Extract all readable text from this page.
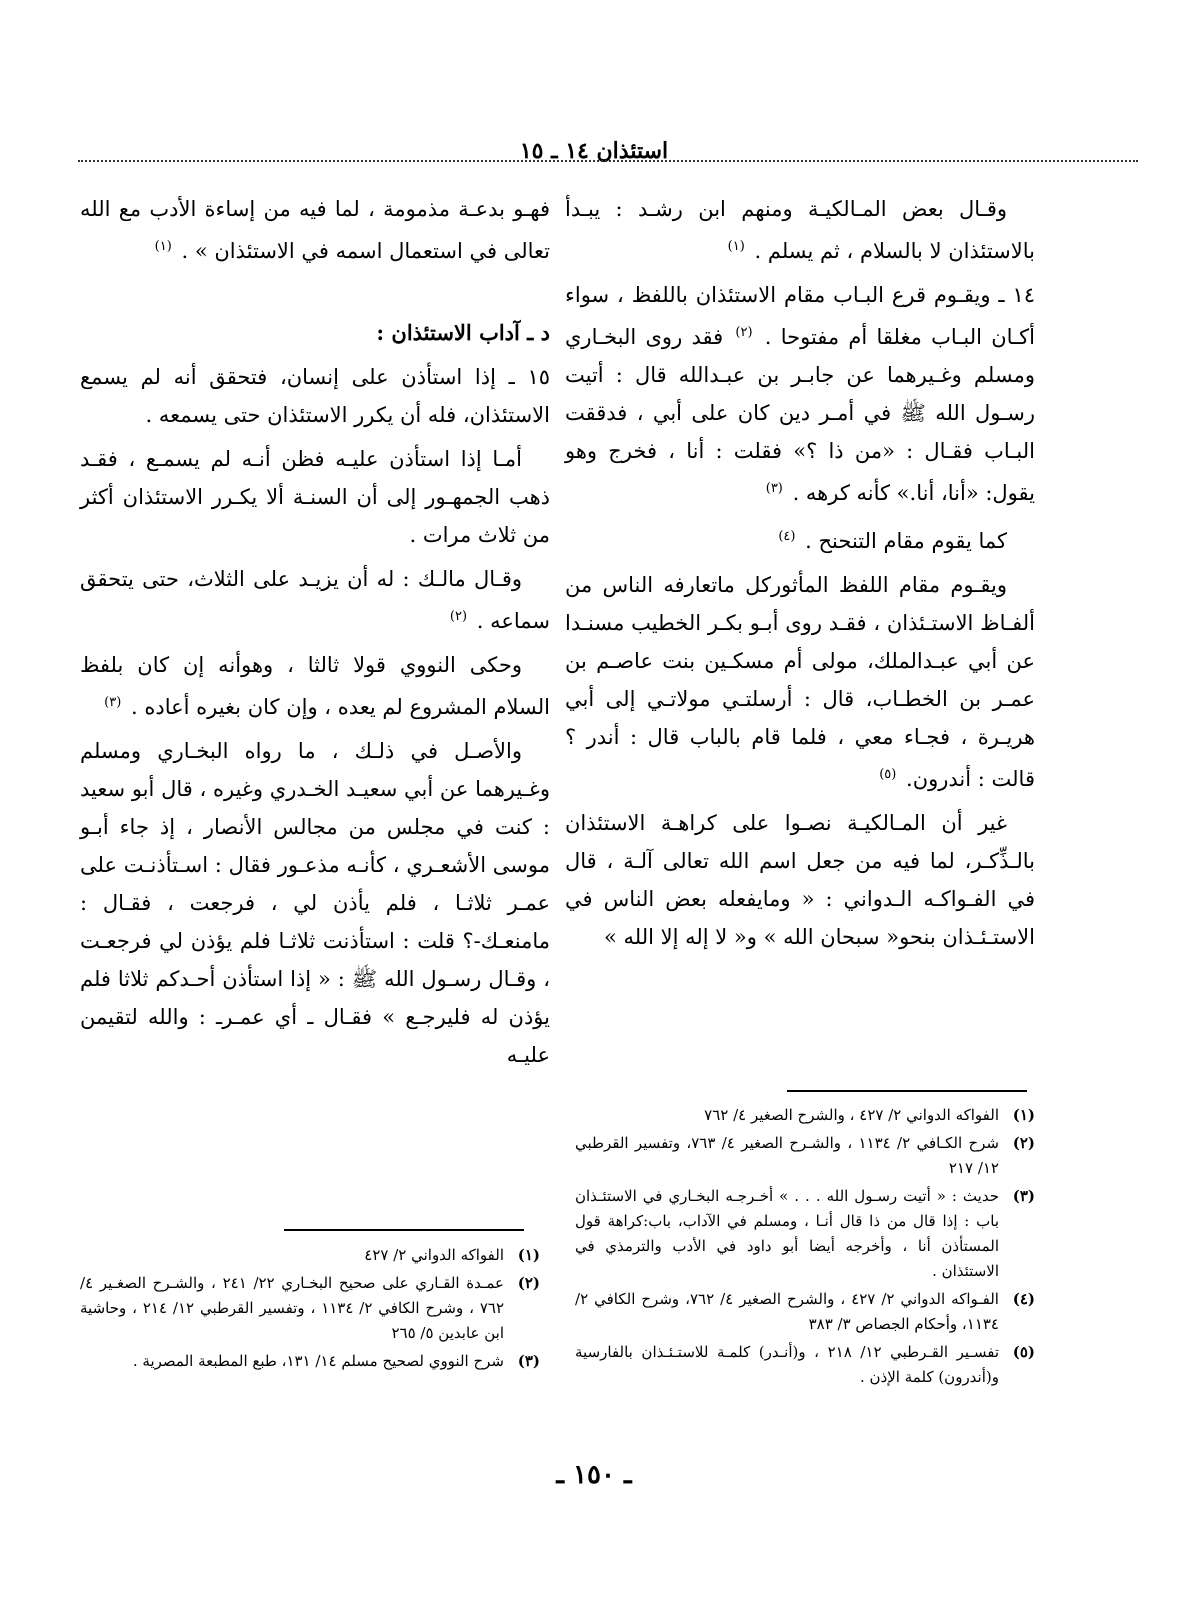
استئذان ١٤ ـ ١٥

وقـال بعض المـالكيـة ومنهم ابن رشـد : يبـدأ بالاستئذان لا بالسلام ، ثم يسلم . $^{(١)}$

١٤ ـ ويقـوم قرع البـاب مقام الاستئذان باللفظ ، سواء أكـان البـاب مغلقا أم مفتوحا . $^{(٢)}$ فقد روى البخـاري ومسلم وغـيرهما عن جابـر بن عبـدالله قال : أتيت رسـول الله ﷺ في أمـر دين كان على أبي ، فدققت البـاب فقـال : «من ذا ؟» فقلت : أنا ، فخرج وهو يقول: «أنا، أنا.» كأنه كرهه . $^{(٣)}$

كما يقوم مقام التنحنح . $^{(٤)}$

ويقـوم مقام اللفظ المأثوركل ماتعارفه الناس من ألفـاظ الاستـئذان ، فقـد روى أبـو بكـر الخطيب مسنـدا عن أبي عبـدالملك، مولى أم مسكـين بنت عاصـم بن عمـر بن الخطـاب، قال : أرسلتـي مولاتـي إلى أبي هريـرة ، فجـاء معي ، فلما قام بالباب قال : أندر ؟ قالت : أندرون. $^{(٥)}$

غير أن المـالكيـة نصـوا على كراهـة الاستئذان بالـذِّكـر، لما فيه من جعل اسم الله تعالى آلـة ، قال في الفـواكـه الـدواني : « ومايفعله بعض الناس في الاستـئـذان بنحو« سبحان الله » و« لا إله إلا الله »

فهـو بدعـة مذمومة ، لما فيه من إساءة الأدب مع الله تعالى في استعمال اسمه في الاستئذان » . $^{(١)}$

د ـ آداب الاستئذان :

١٥ ـ إذا استأذن على إنسان، فتحقق أنه لم يسمع الاستئذان، فله أن يكرر الاستئذان حتى يسمعه .

أمـا إذا استأذن عليـه فظن أنـه لم يسمـع ، فقـد ذهب الجمهـور إلى أن السنـة ألا يكـرر الاستئذان أكثر من ثلاث مرات .

وقـال مالـك : له أن يزيـد على الثلاث، حتى يتحقق سماعه . $^{(٢)}$

وحكى النووي قولا ثالثا ، وهوأنه إن كان بلفظ السلام المشروع لم يعده ، وإن كان بغيره أعاده . $^{(٣)}$

والأصـل في ذلـك ، ما رواه البخـاري ومسلم وغـيرهما عن أبي سعيـد الخـدري وغيره ، قال أبو سعيد : كنت في مجلس من مجالس الأنصار ، إذ جاء أبـو موسى الأشعـري ، كأنـه مذعـور فقال : اسـتأذنـت على عمـر ثلاثـا ، فلم يأذن لي ، فرجعت ، فقـال : مامنعـك-؟ قلت : استأذنت ثلاثـا فلم يؤذن لي فرجعـت ، وقـال رسـول الله ﷺ : « إذا استأذن أحـدكم ثلاثا فلم يؤذن له فليرجـع » فقـال ـ أي عمـرـ : والله لتقيمن عليـه

(١)
الفواكه الدواني ٢/ ٤٢٧ ، والشرح الصغير ٤/ ٧٦٢
(٢)
شرح الكـافي ٢/ ١١٣٤ ، والشـرح الصغير ٤/ ٧٦٣، وتفسير القرطبي ١٢/ ٢١٧
(٣)
حديث : « أتيت رسـول الله . . . » أخـرجـه البخـاري في الاستئـذان باب : إذا قال من ذا قال أنـا ، ومسلم في الآداب، باب:كراهة قول المستأذن أنا ، وأخرجه أيضا أبو داود في الأدب والترمذي في الاستئذان .
(٤)
الفـواكه الدواني ٢/ ٤٢٧ ، والشرح الصغير ٤/ ٧٦٢، وشرح الكافي ٢/ ١١٣٤، وأحكام الجصاص ٣/ ٣٨٣
(٥)
تفسـير القـرطبي ١٢/ ٢١٨ ، و(أنـدر) كلمـة للاستـئـذان بالفارسية و(أندرون) كلمة الإذن .
(١)
الفواكه الدواني ٢/ ٤٢٧
(٢)
عمـدة القـاري على صحيح البخـاري ٢٢/ ٢٤١ ، والشـرح الصغـير ٤/ ٧٦٢ ، وشرح الكافي ٢/ ١١٣٤ ، وتفسير القرطبي ١٢/ ٢١٤ ، وحاشية ابن عابدين ٥/ ٢٦٥
(٣)
شرح النووي لصحيح مسلم ١٤/ ١٣١، طبع المطبعة المصرية .
ـ ١٥٠ ـ
